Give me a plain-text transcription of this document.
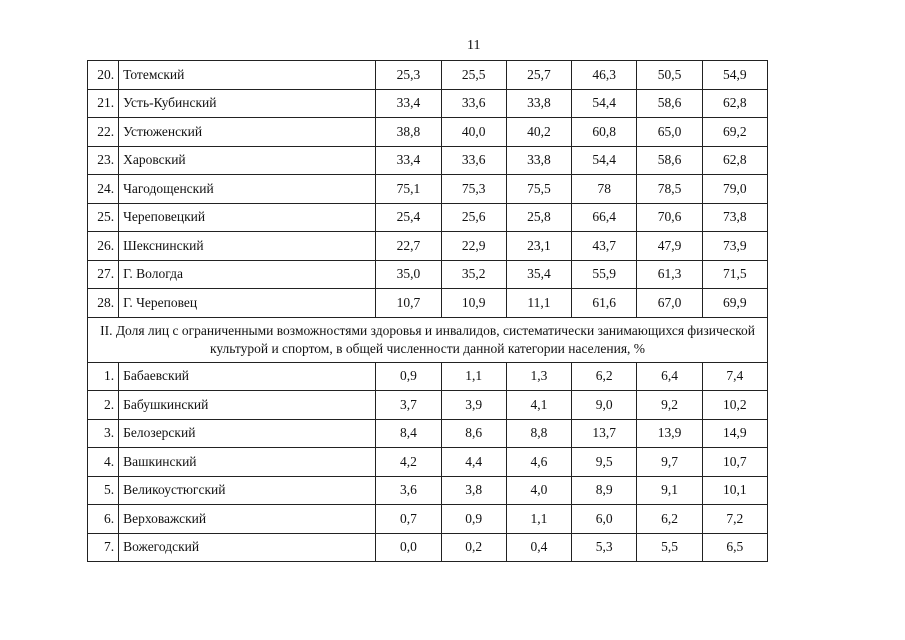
11
20.	Тотемский	25,3	25,5	25,7	46,3	50,5	54,9
21.	Усть-Кубинский	33,4	33,6	33,8	54,4	58,6	62,8
22.	Устюженский	38,8	40,0	40,2	60,8	65,0	69,2
23.	Харовский	33,4	33,6	33,8	54,4	58,6	62,8
24.	Чагодощенский	75,1	75,3	75,5	78	78,5	79,0
25.	Череповецкий	25,4	25,6	25,8	66,4	70,6	73,8
26.	Шекснинский	22,7	22,9	23,1	43,7	47,9	73,9
27.	Г. Вологда	35,0	35,2	35,4	55,9	61,3	71,5
28.	Г. Череповец	10,7	10,9	11,1	61,6	67,0	69,9
II. Доля лиц с ограниченными возможностями здоровья и инвалидов, систематически занимающихся физической культурой и спортом, в общей численности данной категории населения, %							
1.	Бабаевский	0,9	1,1	1,3	6,2	6,4	7,4
2.	Бабушкинский	3,7	3,9	4,1	9,0	9,2	10,2
3.	Белозерский	8,4	8,6	8,8	13,7	13,9	14,9
4.	Вашкинский	4,2	4,4	4,6	9,5	9,7	10,7
5.	Великоустюгский	3,6	3,8	4,0	8,9	9,1	10,1
6.	Верховажский	0,7	0,9	1,1	6,0	6,2	7,2
7.	Вожегодский	0,0	0,2	0,4	5,3	5,5	6,5
